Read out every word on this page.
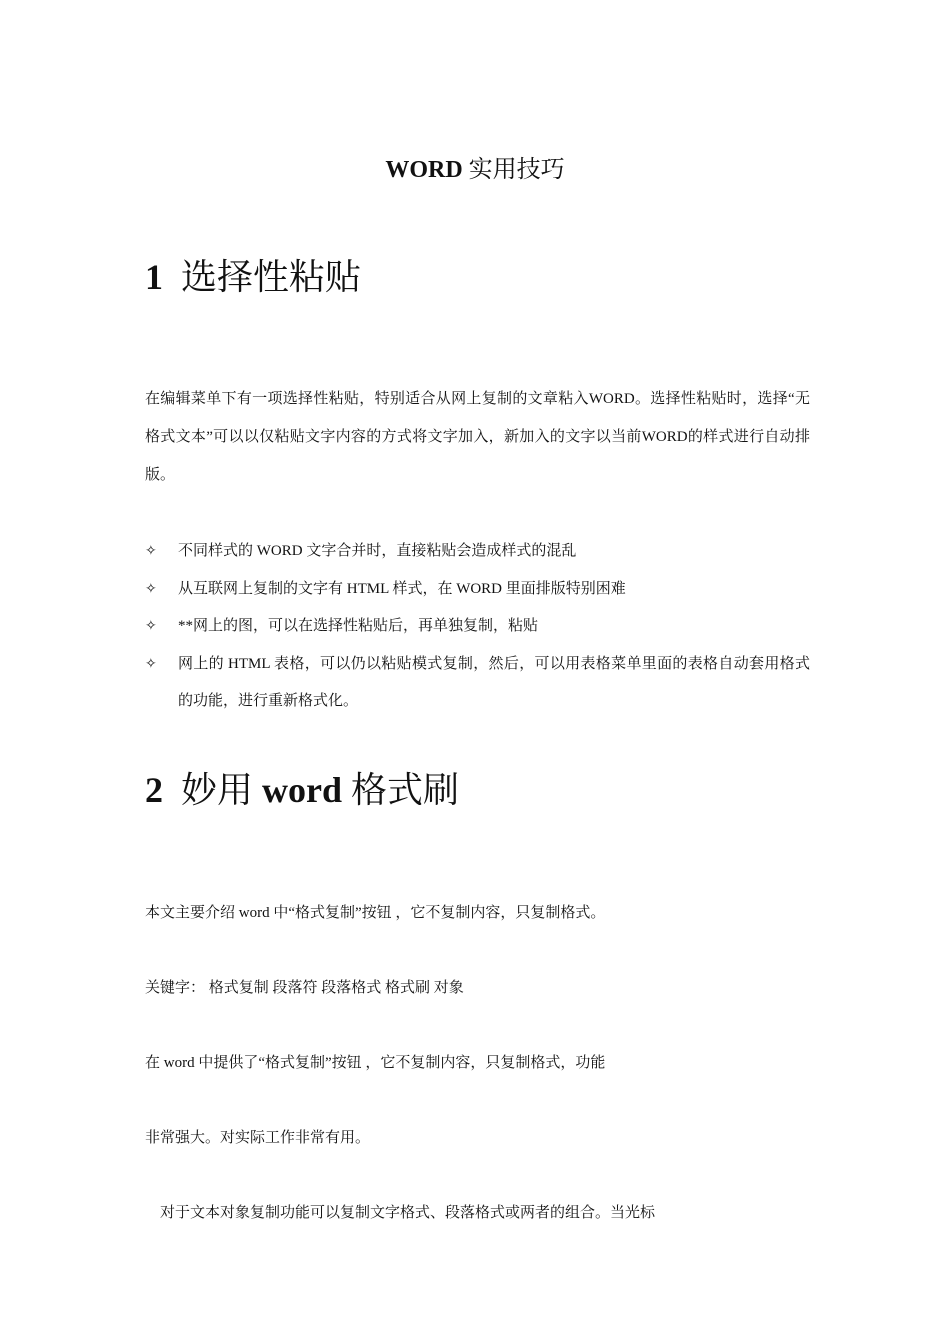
WORD 实用技巧
1 选择性粘贴
在编辑菜单下有一项选择性粘贴，特别适合从网上复制的文章粘入WORD。选择性粘贴时，选择“无格式文本”可以以仅粘贴文字内容的方式将文字加入，新加入的文字以当前WORD的样式进行自动排版。
✧	不同样式的 WORD 文字合并时，直接粘贴会造成样式的混乱
✧	从互联网上复制的文字有 HTML 样式，在 WORD 里面排版特别困难
✧	**网上的图，可以在选择性粘贴后，再单独复制，粘贴
✧	网上的 HTML 表格，可以仍以粘贴模式复制，然后，可以用表格菜单里面的表格自动套用格式的功能，进行重新格式化。
2 妙用 word 格式刷
本文主要介绍 word 中“格式复制”按钮 ，它不复制内容，只复制格式。
关键字： 格式复制 段落符 段落格式 格式刷 对象
在 word 中提供了“格式复制”按钮 ，它不复制内容，只复制格式，功能
非常强大。对实际工作非常有用。
对于文本对象复制功能可以复制文字格式、段落格式或两者的组合。当光标
